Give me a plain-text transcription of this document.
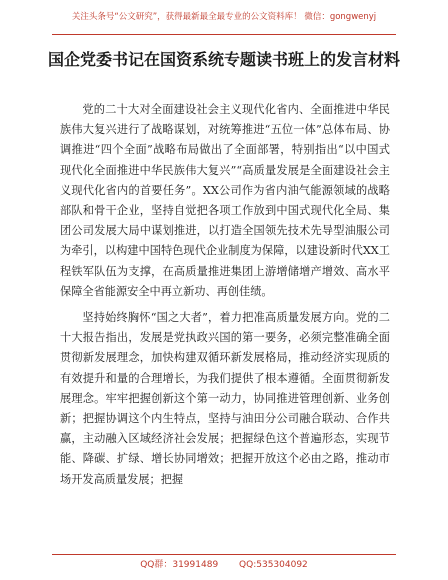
关注头条号“公文研究”，获得最新最全最专业的公文资料库！ 微信：gongwenyj
国企党委书记在国资系统专题读书班上的发言材料

党的二十大对全面建设社会主义现代化省内、全面推进中华民族伟大复兴进行了战略谋划，对统筹推进“五位一体”总体布局、协调推进“四个全面”战略布局做出了全面部署，特别指出“以中国式现代化全面推进中华民族伟大复兴”“高质量发展是全面建设社会主义现代化省内的首要任务”。XX公司作为省内油气能源领域的战略部队和骨干企业，坚持自觉把各项工作放到中国式现代化全局、集团公司发展大局中谋划推进，以打造全国领先技术先导型油服公司为牵引，以构建中国特色现代企业制度为保障，以建设新时代XX工程铁军队伍为支撑，在高质量推进集团上游增储增产增效、高水平保障全省能源安全中再立新功、再创佳绩。

坚持始终胸怀“国之大者”，着力把准高质量发展方向。党的二十大报告指出，发展是党执政兴国的第一要务，必须完整准确全面贯彻新发展理念，加快构建双循环新发展格局，推动经济实现质的有效提升和量的合理增长，为我们提供了根本遵循。全面贯彻新发展理念。牢牢把握创新这个第一动力，协同推进管理创新、业务创新；把握协调这个内生特点，坚持与油田分公司融合联动、合作共赢，主动融入区域经济社会发展；把握绿色这个普遍形态，实现节能、降碳、扩绿、增长协同增效；把握开放这个必由之路，推动市场开发高质量发展；把握

QQ群：31991489 QQ:535304092
